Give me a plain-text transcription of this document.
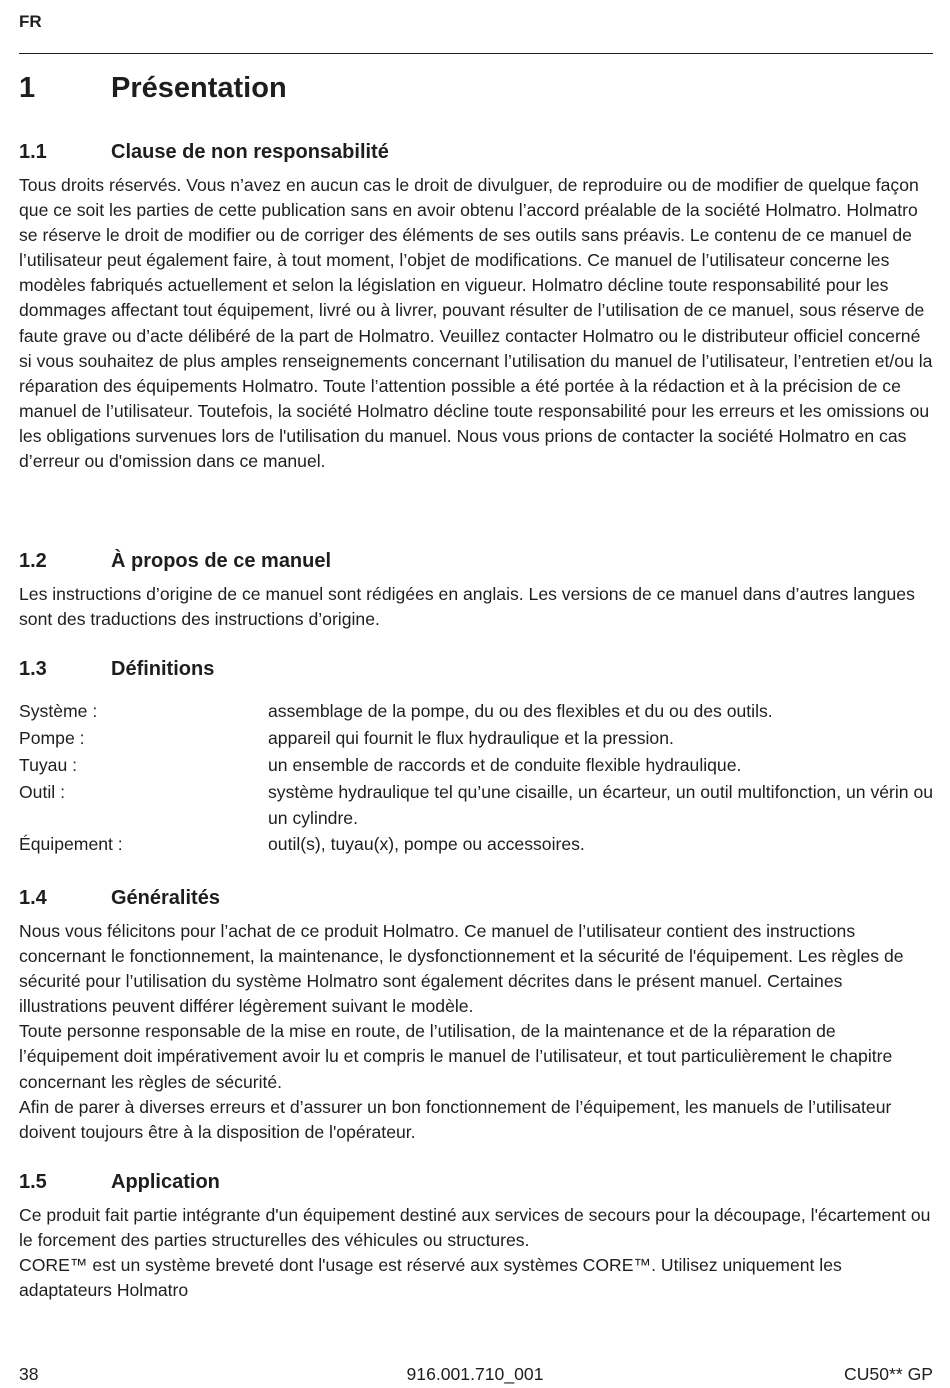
FR
1	Présentation
1.1	Clause de non responsabilité

Tous droits réservés. Vous n’avez en aucun cas le droit de divulguer, de reproduire ou de modifier de quelque façon que ce soit les parties de cette publication sans en avoir obtenu l’accord préalable de la société Holmatro. Holmatro se réserve le droit de modifier ou de corriger des éléments de ses outils sans préavis. Le contenu de ce manuel de l’utilisateur peut également faire, à tout moment, l’objet de modifications. Ce manuel de l’utilisateur concerne les modèles fabriqués actuellement et selon la législation en vigueur. Holmatro décline toute responsabilité pour les dommages affectant tout équipement, livré ou à livrer, pouvant résulter de l’utilisation de ce manuel, sous réserve de faute grave ou d’acte délibéré de la part de Holmatro. Veuillez contacter Holmatro ou le distributeur officiel concerné si vous souhaitez de plus amples renseignements concernant l’utilisation du manuel de l’utilisateur, l’entretien et/ou la réparation des équipements Holmatro. Toute l’attention possible a été portée à la rédaction et à la précision de ce manuel de l’utilisateur. Toutefois, la société Holmatro décline toute responsabilité pour les erreurs et les omissions ou les obligations survenues lors de l'utilisation du manuel. Nous vous prions de contacter la société Holmatro en cas d’erreur ou d'omission dans ce manuel.

1.2	À propos de ce manuel

Les instructions d’origine de ce manuel sont rédigées en anglais. Les versions de ce manuel dans d’autres langues sont des traductions des instructions d’origine.

1.3	Définitions
Système :	assemblage de la pompe, du ou des flexibles et du ou des outils.
Pompe :	appareil qui fournit le flux hydraulique et la pression.
Tuyau :	un ensemble de raccords et de conduite flexible hydraulique.
Outil :	système hydraulique tel qu’une cisaille, un écarteur, un outil multifonction, un vérin ou un cylindre.
Équipement :	outil(s), tuyau(x), pompe ou accessoires.
1.4	Généralités

Nous vous félicitons pour l’achat de ce produit Holmatro. Ce manuel de l’utilisateur contient des instructions concernant le fonctionnement, la maintenance, le dysfonctionnement et la sécurité de l'équipement. Les règles de sécurité pour l’utilisation du système Holmatro sont également décrites dans le présent manuel. Certaines illustrations peuvent différer légèrement suivant le modèle.

Toute personne responsable de la mise en route, de l’utilisation, de la maintenance et de la réparation de l’équipement doit impérativement avoir lu et compris le manuel de l’utilisateur, et tout particulièrement le chapitre concernant les règles de sécurité.

Afin de parer à diverses erreurs et d’assurer un bon fonctionnement de l’équipement, les manuels de l’utilisateur doivent toujours être à la disposition de l'opérateur.

1.5	Application

Ce produit fait partie intégrante d'un équipement destiné aux services de secours pour la découpage, l'écartement ou le forcement des parties structurelles des véhicules ou structures.

CORE™ est un système breveté dont l'usage est réservé aux systèmes CORE™. Utilisez uniquement les adaptateurs Holmatro

38	916.001.710_001	CU50** GP
